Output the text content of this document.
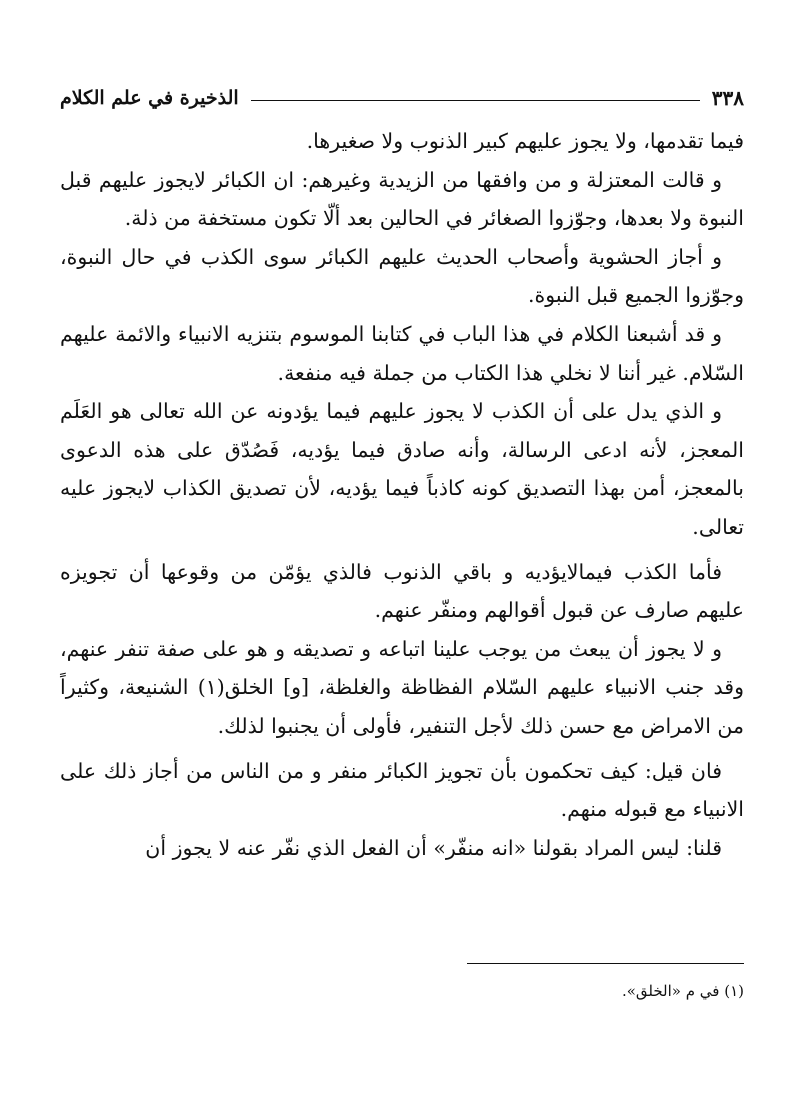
٣٣٨
الذخيرة في علم الكلام

فيما تقدمها، ولا يجوز عليهم كبير الذنوب ولا صغيرها.

و قالت المعتزلة و من وافقها من الزيدية وغيرهم: ان الكبائر لايجوز عليهم قبل النبوة ولا بعدها، وجوّزوا الصغائر في الحالين بعد ألّا تكون مستخفة من ذلة.

و أجاز الحشوية وأصحاب الحديث عليهم الكبائر سوى الكذب في حال النبوة، وجوّزوا الجميع قبل النبوة.

و قد أشبعنا الكلام في هذا الباب في كتابنا الموسوم بتنزيه الانبياء والائمة عليهم السّلام. غير أننا لا نخلي هذا الكتاب من جملة فيه منفعة.

و الذي يدل على أن الكذب لا يجوز عليهم فيما يؤدونه عن الله تعالى هو العَلَم المعجز، لأنه ادعى الرسالة، وأنه صادق فيما يؤديه، فَصُدّق على هذه الدعوى بالمعجز، أمن بهذا التصديق كونه كاذباً فيما يؤديه، لأن تصديق الكذاب لايجوز عليه تعالى.

فأما الكذب فيمالايؤديه و باقي الذنوب فالذي يؤمّن من وقوعها أن تجويزه عليهم صارف عن قبول أقوالهم ومنفّر عنهم.

و لا يجوز أن يبعث من يوجب علينا اتباعه و تصديقه و هو على صفة تنفر عنهم، وقد جنب الانبياء عليهم السّلام الفظاظة والغلظة، [و] الخلق(١) الشنيعة، وكثيراً من الامراض مع حسن ذلك لأجل التنفير، فأولى أن يجنبوا لذلك.

فان قيل: كيف تحكمون بأن تجويز الكبائر منفر و من الناس من أجاز ذلك على الانبياء مع قبوله منهم.

قلنا: ليس المراد بقولنا «انه منفّر» أن الفعل الذي نفّر عنه لا يجوز أن

(١) في م «الخلق».
